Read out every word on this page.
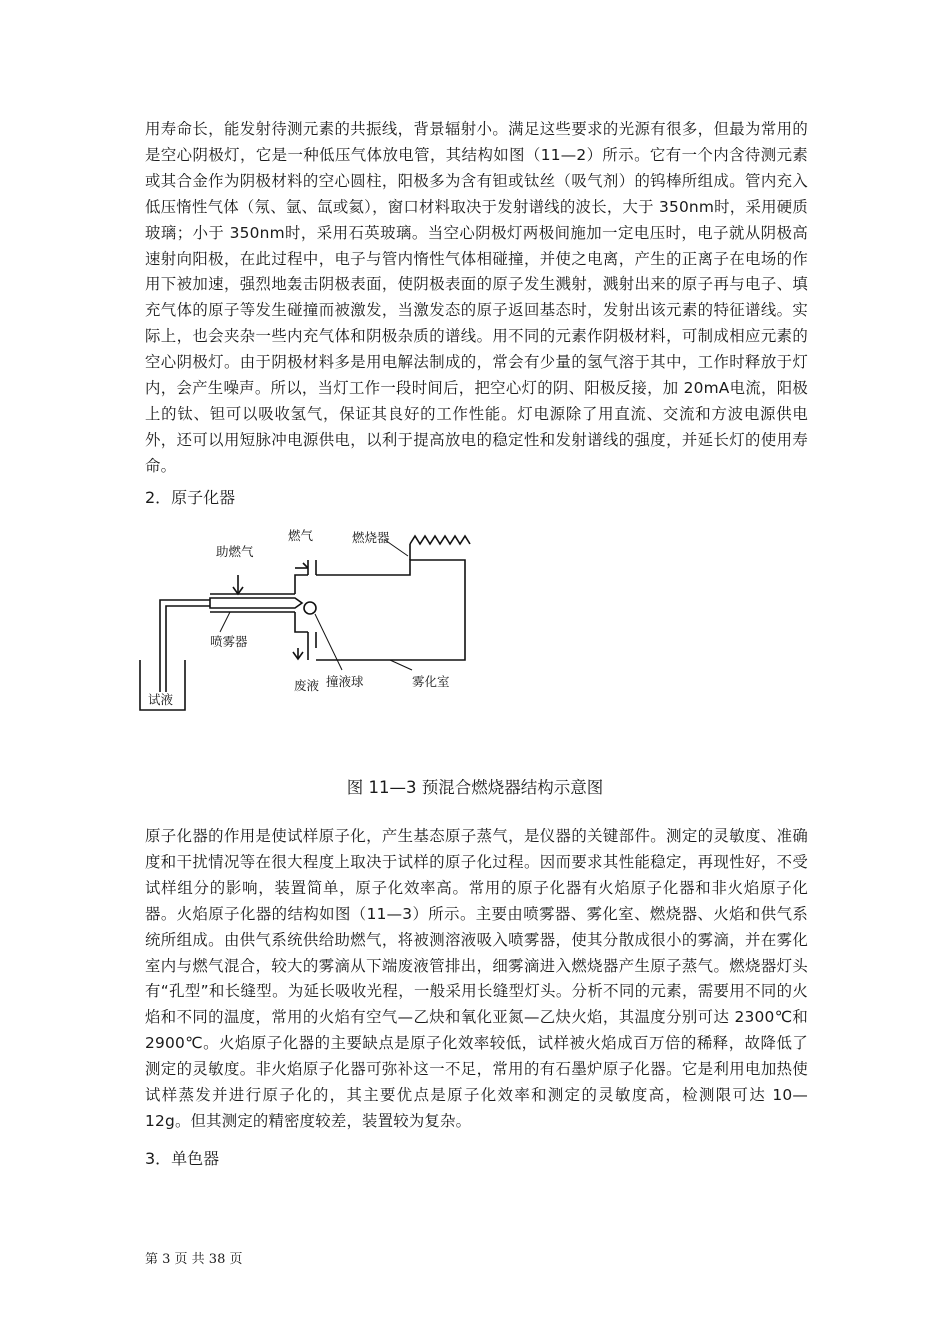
用寿命长，能发射待测元素的共振线，背景辐射小。满足这些要求的光源有很多，但最为常用的是空心阴极灯，它是一种低压气体放电管，其结构如图（11—2）所示。它有一个内含待测元素或其合金作为阴极材料的空心圆柱，阳极多为含有钽或钛丝（吸气剂）的钨棒所组成。管内充入低压惰性气体（氖、氩、氙或氦），窗口材料取决于发射谱线的波长，大于 350nm时，采用硬质玻璃；小于 350nm时，采用石英玻璃。当空心阴极灯两极间施加一定电压时，电子就从阴极高速射向阳极，在此过程中，电子与管内惰性气体相碰撞，并使之电离，产生的正离子在电场的作用下被加速，强烈地轰击阴极表面，使阴极表面的原子发生溅射，溅射出来的原子再与电子、填充气体的原子等发生碰撞而被激发，当激发态的原子返回基态时，发射出该元素的特征谱线。实际上，也会夹杂一些内充气体和阴极杂质的谱线。用不同的元素作阴极材料，可制成相应元素的空心阴极灯。由于阴极材料多是用电解法制成的，常会有少量的氢气溶于其中，工作时释放于灯内，会产生噪声。所以，当灯工作一段时间后，把空心灯的阴、阳极反接，加 20mA电流，阳极上的钛、钽可以吸收氢气，保证其良好的工作性能。灯电源除了用直流、交流和方波电源供电外，还可以用短脉冲电源供电，以利于提高放电的稳定性和发射谱线的强度，并延长灯的使用寿命。

2．原子化器

燃气	燃烧器
助燃气
喷雾器
废液 撞液球	雾化室
试液

图 11—3 预混合燃烧器结构示意图

原子化器的作用是使试样原子化，产生基态原子蒸气，是仪器的关键部件。测定的灵敏度、准确度和干扰情况等在很大程度上取决于试样的原子化过程。因而要求其性能稳定，再现性好，不受试样组分的影响，装置简单，原子化效率高。常用的原子化器有火焰原子化器和非火焰原子化器。火焰原子化器的结构如图（11—3）所示。主要由喷雾器、雾化室、燃烧器、火焰和供气系统所组成。由供气系统供给助燃气，将被测溶液吸入喷雾器，使其分散成很小的雾滴，并在雾化室内与燃气混合，较大的雾滴从下端废液管排出，细雾滴进入燃烧器产生原子蒸气。燃烧器灯头有“孔型”和长缝型。为延长吸收光程，一般采用长缝型灯头。分析不同的元素，需要用不同的火焰和不同的温度，常用的火焰有空气—乙炔和氧化亚氮—乙炔火焰，其温度分别可达 2300℃和 2900℃。火焰原子化器的主要缺点是原子化效率较低，试样被火焰成百万倍的稀释，故降低了测定的灵敏度。非火焰原子化器可弥补这一不足，常用的有石墨炉原子化器。它是利用电加热使试样蒸发并进行原子化的，其主要优点是原子化效率和测定的灵敏度高，检测限可达 10—12g。但其测定的精密度较差，装置较为复杂。

3．单色器

第 3 页 共 38 页
